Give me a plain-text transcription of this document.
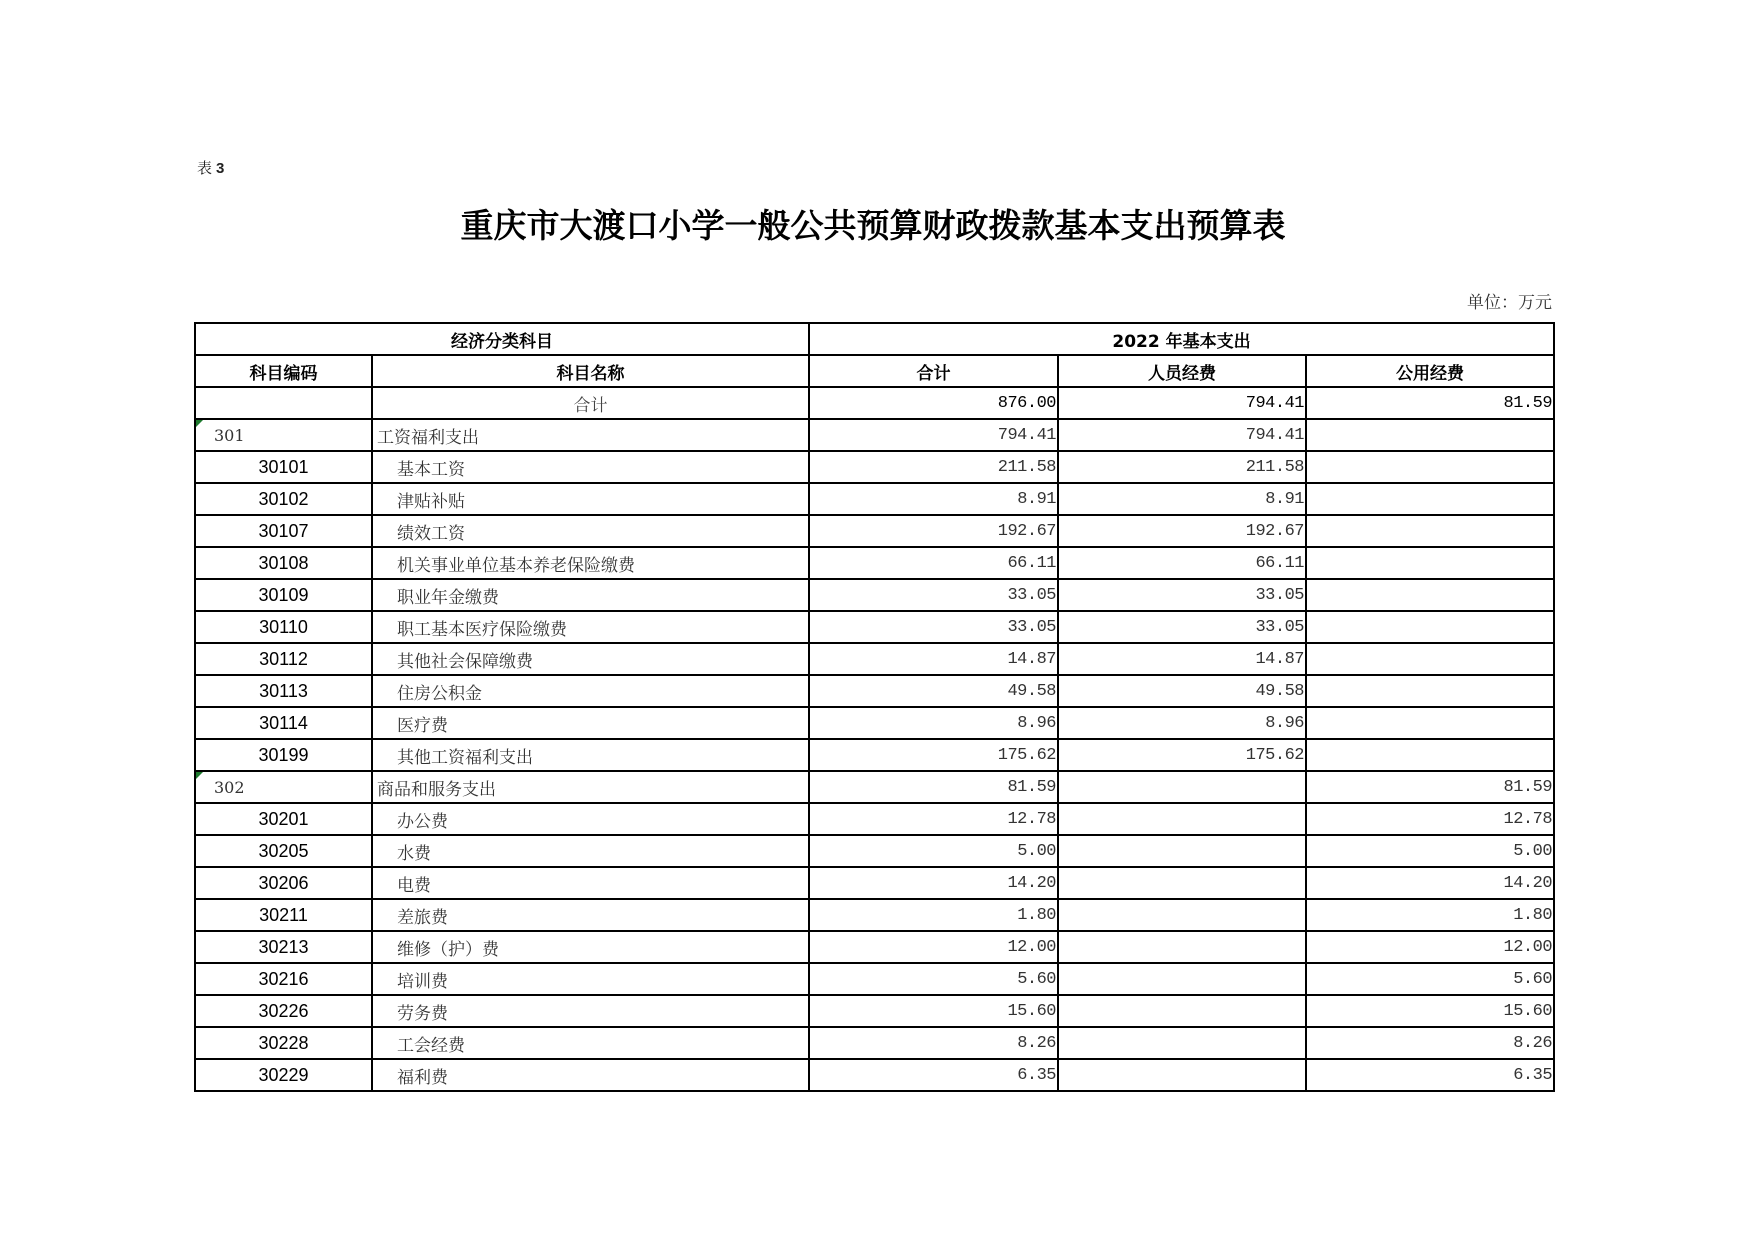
表 3
重庆市大渡口小学一般公共预算财政拨款基本支出预算表
单位：万元
经济分类科目		2022 年基本支出		
科目编码	科目名称	合计	人员经费	公用经费
	合计	876.00	794.41	81.59

301	工资福利支出	794.41	794.41	
30101	基本工资	211.58	211.58	
30102	津贴补贴	8.91	8.91	
30107	绩效工资	192.67	192.67	
30108	机关事业单位基本养老保险缴费	66.11	66.11	
30109	职业年金缴费	33.05	33.05	
30110	职工基本医疗保险缴费	33.05	33.05	
30112	其他社会保障缴费	14.87	14.87	
30113	住房公积金	49.58	49.58	
30114	医疗费	8.96	8.96	
30199	其他工资福利支出	175.62	175.62	

302	商品和服务支出	81.59		81.59
30201	办公费	12.78		12.78
30205	水费	5.00		5.00
30206	电费	14.20		14.20
30211	差旅费	1.80		1.80
30213	维修（护）费	12.00		12.00
30216	培训费	5.60		5.60
30226	劳务费	15.60		15.60
30228	工会经费	8.26		8.26
30229	福利费	6.35		6.35
